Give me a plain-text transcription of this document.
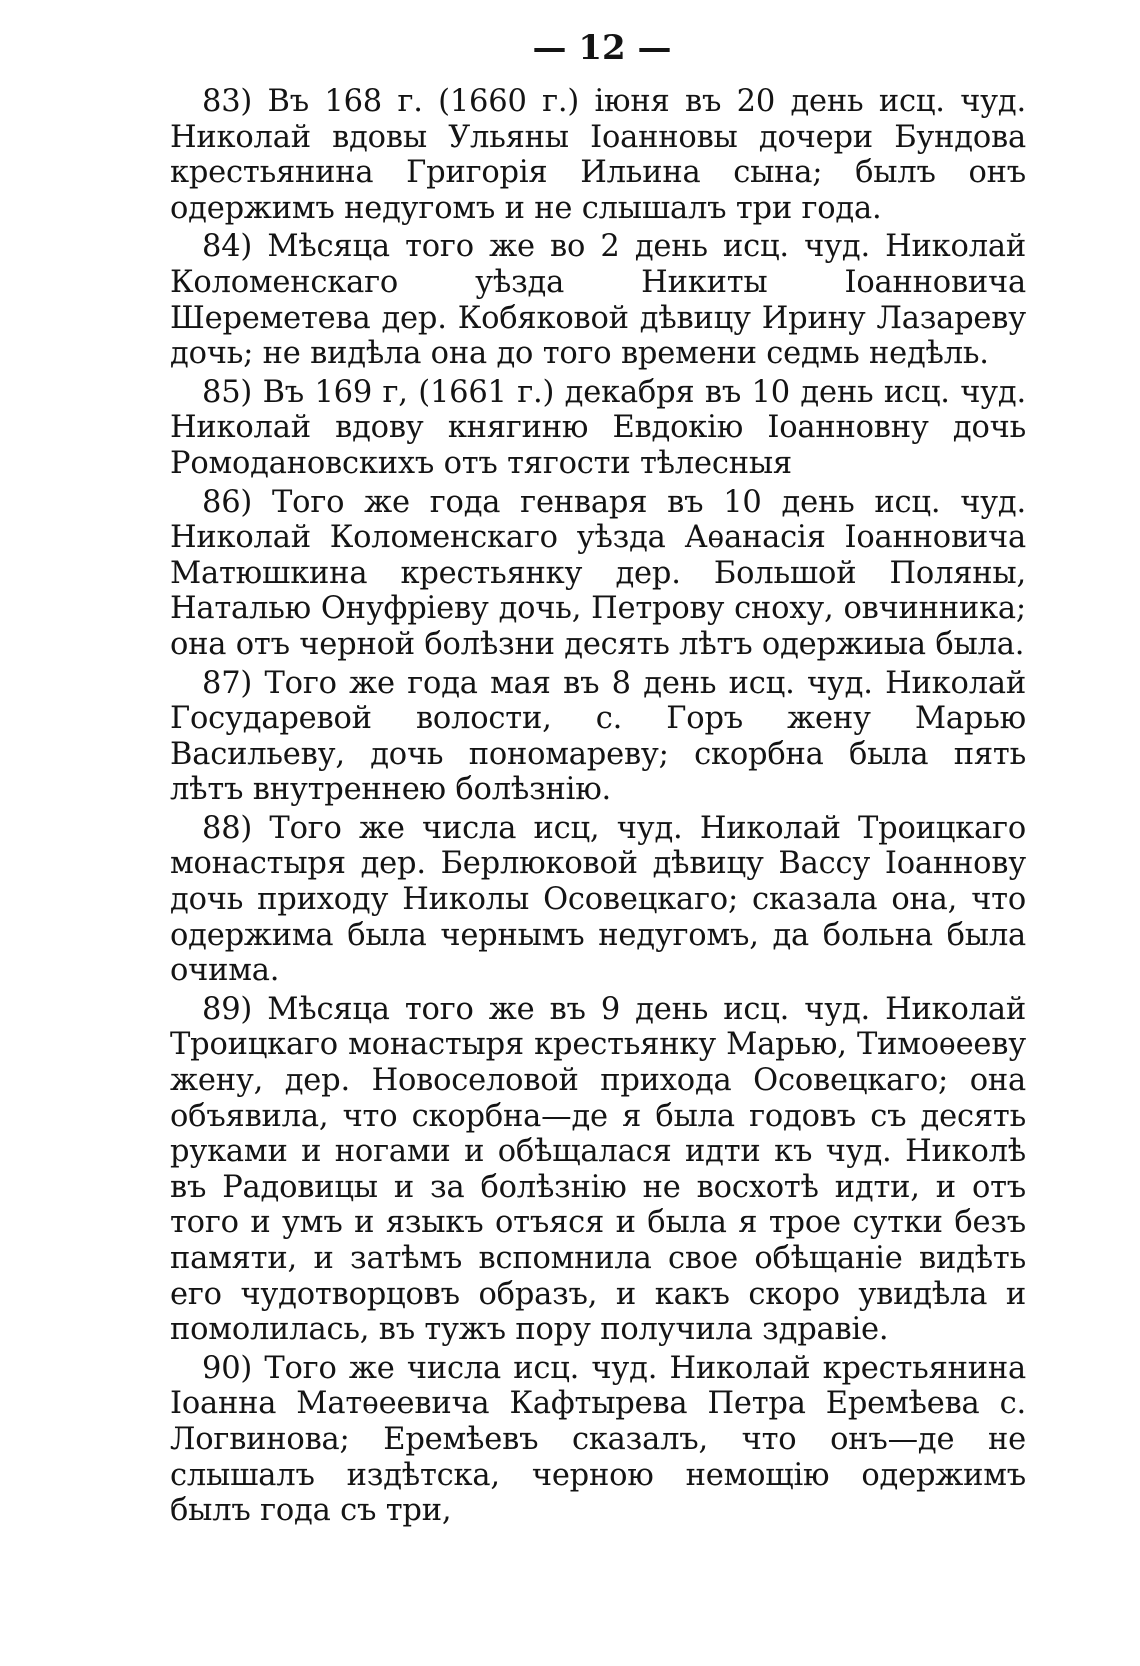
— 12 —

83) Въ 168 г. (1660 г.) іюня въ 20 день исц. чуд. Николай вдовы Ульяны Іоанновы дочери Бундова крестьянина Григорія Ильина сына; былъ онъ одержимъ недугомъ и не слышалъ три года.

84) Мѣсяца того же во 2 день исц. чуд. Николай Коломенскаго уѣзда Никиты Іоанновича Шереметева дер. Кобяковой дѣвицу Ирину Лазареву дочь; не видѣла она до того времени седмь недѣль.

85) Въ 169 г, (1661 г.) декабря въ 10 день исц. чуд. Николай вдову княгиню Евдокію Іоанновну дочь Ромодановскихъ отъ тягости тѣлесныя

86) Того же года генваря въ 10 день исц. чуд. Николай Коломенскаго уѣзда Аѳанасія Іоанновича Матюшкина крестьянку дер. Большой Поляны, Наталью Онуфріеву дочь, Петрову сноху, овчинника; она отъ черной болѣзни десять лѣтъ одержиыа была.

87) Того же года мая въ 8 день исц. чуд. Николай Государевой волости, с. Горъ жену Марью Васильеву, дочь пономареву; скорбна была пять лѣтъ внутреннею болѣзнію.

88) Того же числа исц, чуд. Николай Троицкаго монастыря дер. Берлюковой дѣвицу Вассу Іоаннову дочь приходу Николы Осовецкаго; сказала она, что одержима была чернымъ недугомъ, да больна была очима.

89) Мѣсяца того же въ 9 день исц. чуд. Николай Троицкаго монастыря крестьянку Марью, Тимоѳееву жену, дер. Новоселовой прихода Осовецкаго; она объявила, что скорбна—де я была годовъ съ десять руками и ногами и обѣщалася идти къ чуд. Николѣ въ Радовицы и за болѣзнію не восхотѣ идти, и отъ того и умъ и языкъ отъяся и была я трое сутки безъ памяти, и затѣмъ вспомнила свое обѣщаніе видѣть его чудотворцовъ образъ, и какъ скоро увидѣла и помолилась, въ тужъ пору получила здравіе.

90) Того же числа исц. чуд. Николай крестьянина Іоанна Матѳеевича Кафтырева Петра Еремѣева с. Логвинова; Еремѣевъ сказалъ, что онъ—де не слышалъ издѣтска, черною немощію одержимъ былъ года съ три,
